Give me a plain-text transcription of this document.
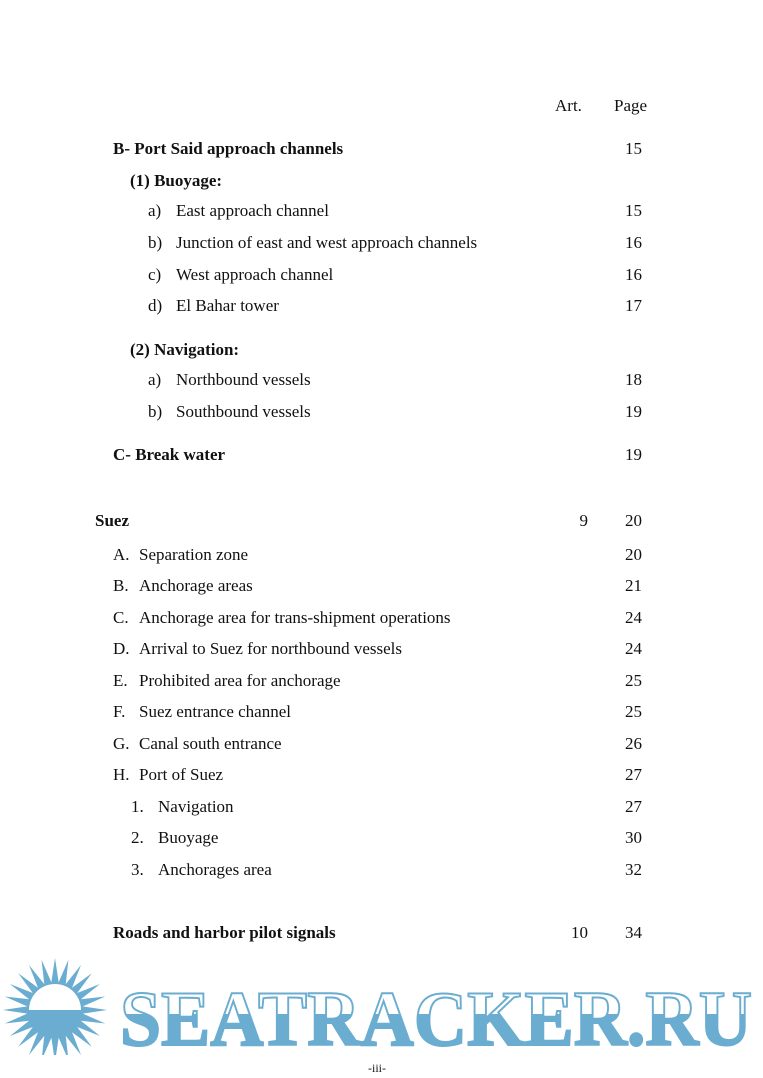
Art. Page
B- Port Said approach channels	15
(1) Buoyage:
a) East approach channel	15
b) Junction of east and west approach channels	16
c) West approach channel	16
d) El Bahar tower	17
(2) Navigation:
a) Northbound vessels	18
b) Southbound vessels	19
C- Break water	19
Suez	9	20
A. Separation zone	20
B. Anchorage areas	21
C. Anchorage area for trans-shipment operations	24
D. Arrival to Suez for northbound vessels	24
E. Prohibited area for anchorage	25
F. Suez entrance channel	25
G. Canal south entrance	26
H. Port of Suez	27
1. Navigation	27
2. Buoyage	30
3. Anchorages area	32
Roads and harbor pilot signals	10	34
SEATRACKER.RU
-iii-
